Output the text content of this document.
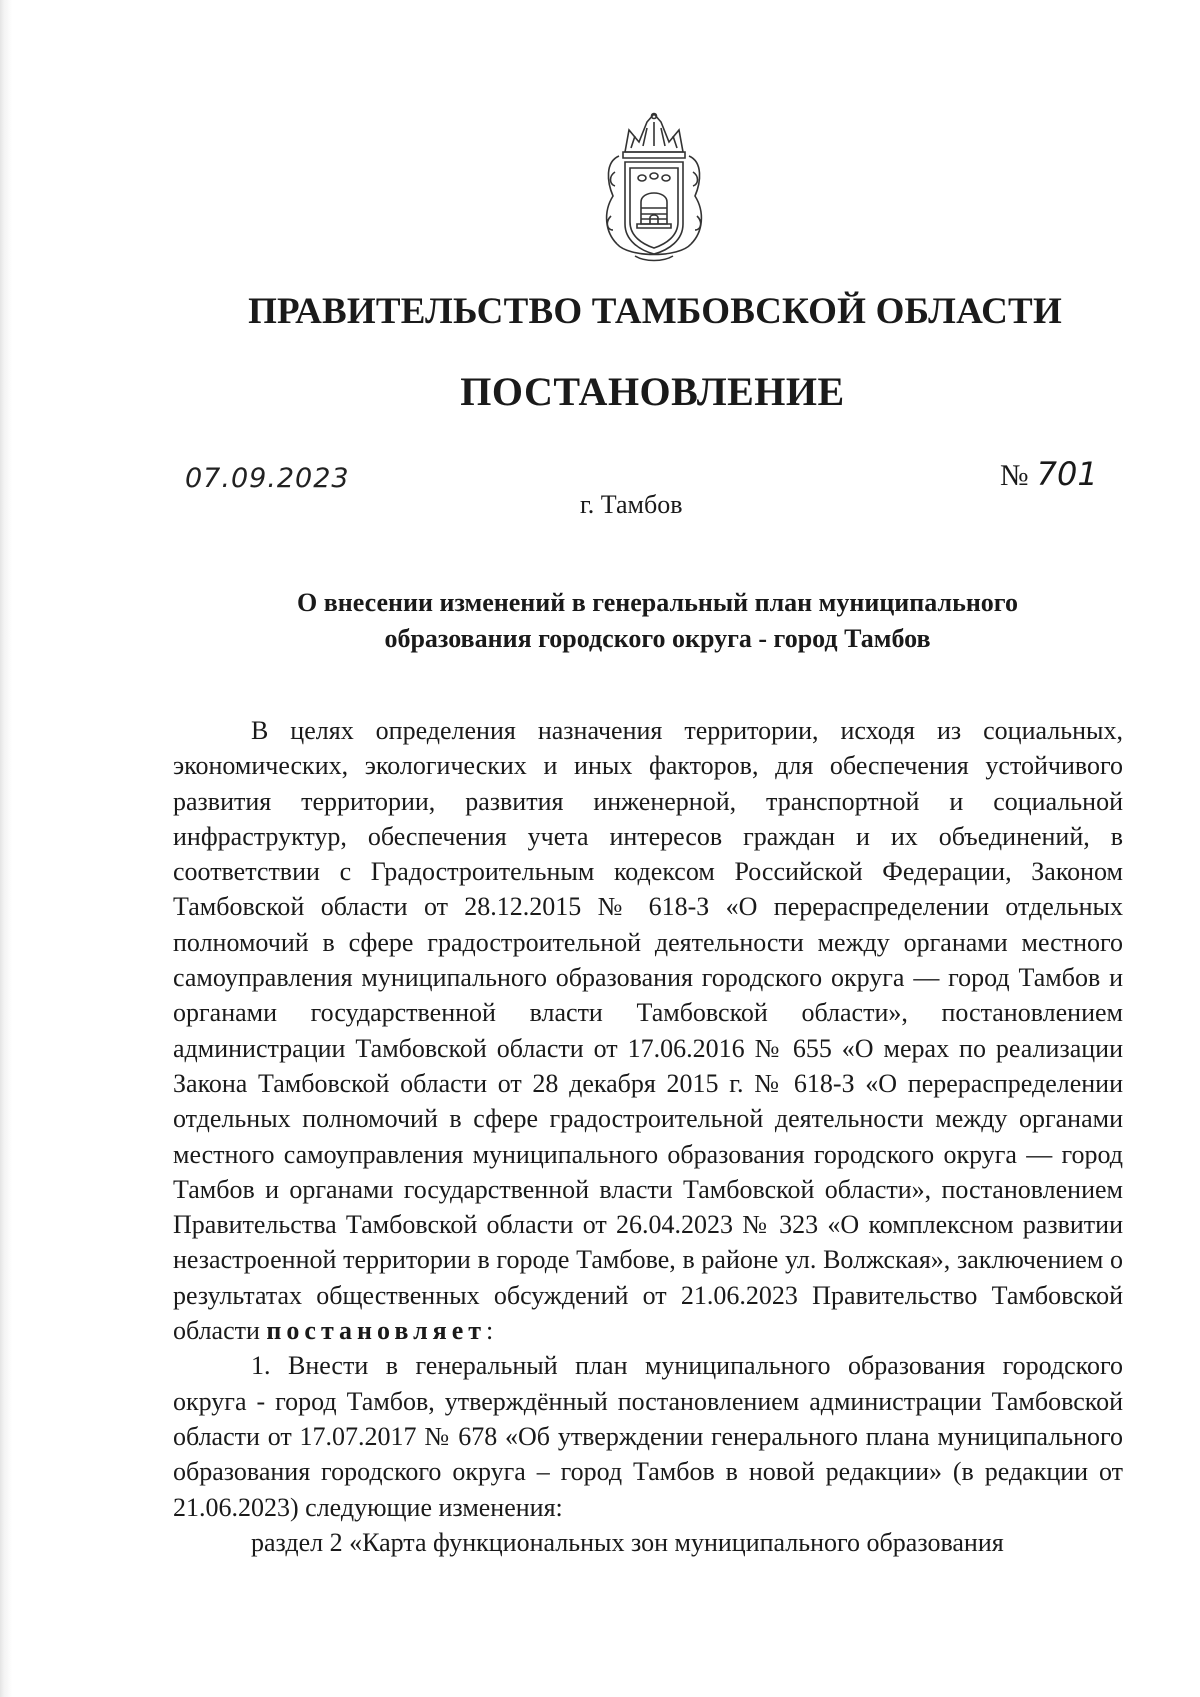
ПРАВИТЕЛЬСТВО ТАМБОВСКОЙ ОБЛАСТИ
ПОСТАНОВЛЕНИЕ
07.09.2023	№ 701
г. Тамбов
О внесении изменений в генеральный план муниципального
образования городского округа - город Тамбов

В целях определения назначения территории, исходя из социальных, экономических, экологических и иных факторов, для обеспечения устойчивого развития территории, развития инженерной, транспортной и социальной инфраструктур, обеспечения учета интересов граждан и их объединений, в соответствии с Градостроительным кодексом Российской Федерации, Законом Тамбовской области от 28.12.2015 № 618-З «О перераспределении отдельных полномочий в сфере градостроительной деятельности между органами местного самоуправления муниципального образования городского округа — город Тамбов и органами государственной власти Тамбовской области», постановлением администрации Тамбовской области от 17.06.2016 № 655 «О мерах по реализации Закона Тамбовской области от 28 декабря 2015 г. № 618-З «О перераспределении отдельных полномочий в сфере градостроительной деятельности между органами местного самоуправления муниципального образования городского округа — город Тамбов и органами государственной власти Тамбовской области», постановлением Правительства Тамбовской области от 26.04.2023 № 323 «О комплексном развитии незастроенной территории в городе Тамбове, в районе ул. Волжская», заключением о результатах общественных обсуждений от 21.06.2023 Правительство Тамбовской области постановляет:

1. Внести в генеральный план муниципального образования городского округа - город Тамбов, утверждённый постановлением администрации Тамбовской области от 17.07.2017 № 678 «Об утверждении генерального плана муниципального образования городского округа – город Тамбов в новой редакции» (в редакции от 21.06.2023) следующие изменения:

раздел 2 «Карта функциональных зон муниципального образования
